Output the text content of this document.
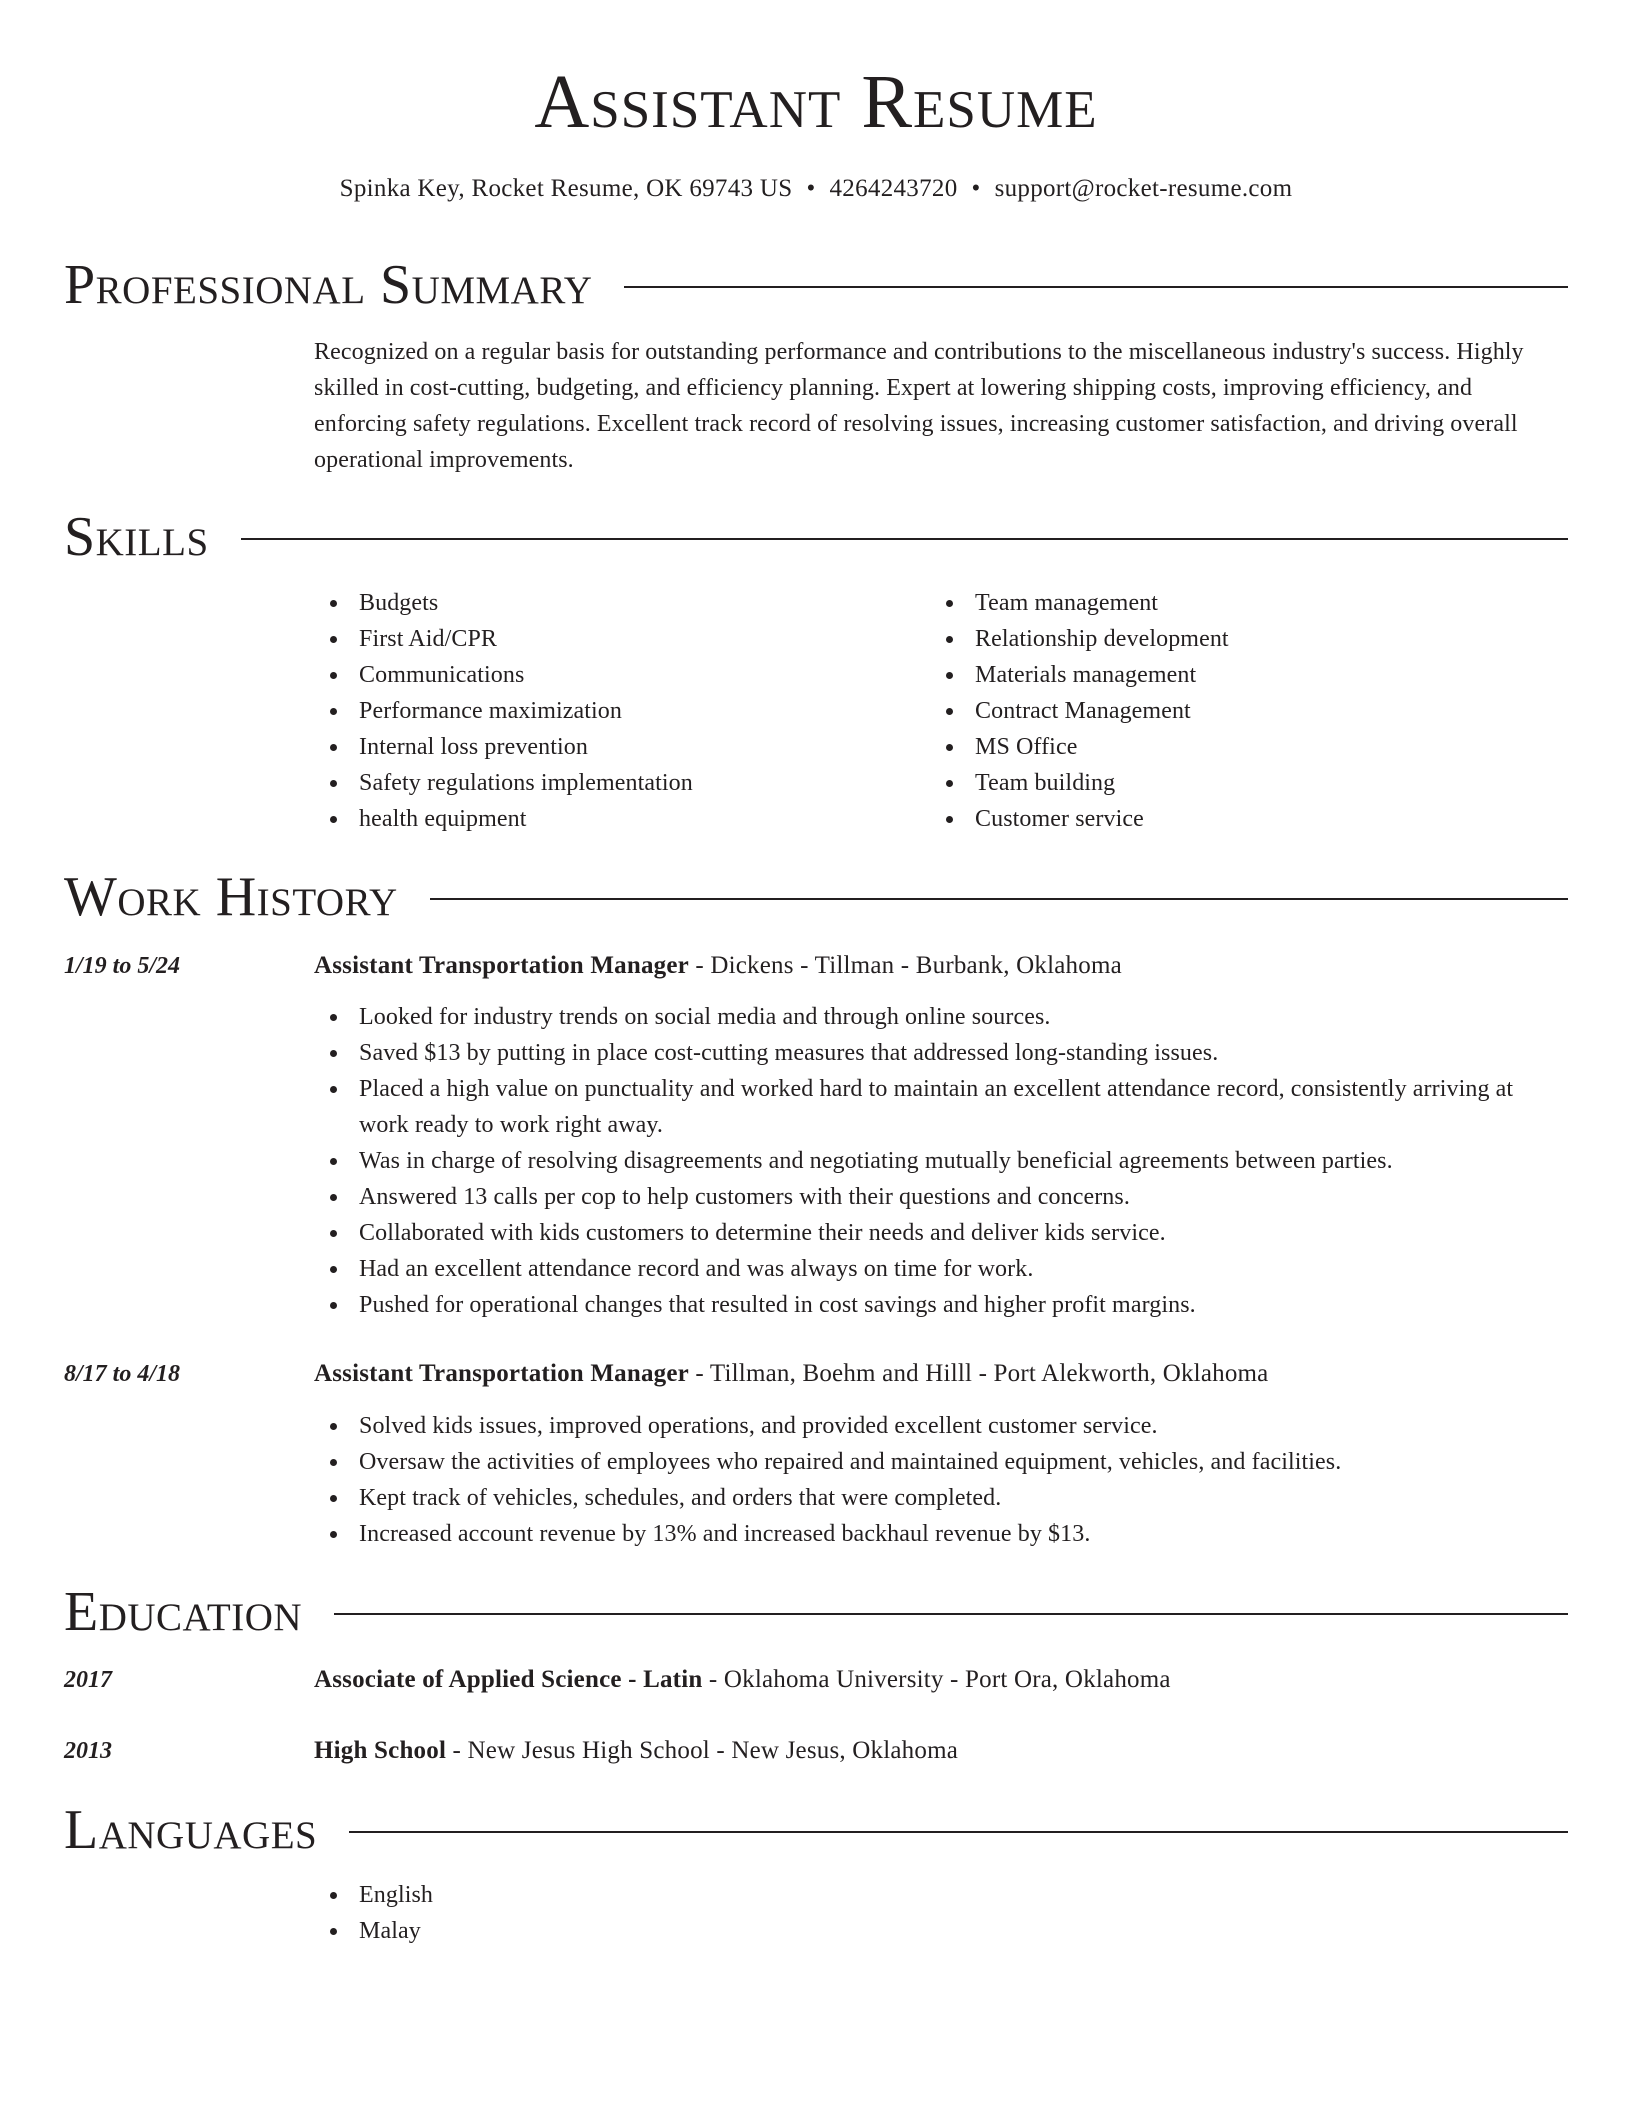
Assistant Resume
Spinka Key, Rocket Resume, OK 69743 US • 4264243720 • support@rocket-resume.com
Professional Summary

Recognized on a regular basis for outstanding performance and contributions to the miscellaneous industry's success. Highly skilled in cost-cutting, budgeting, and efficiency planning. Expert at lowering shipping costs, improving efficiency, and enforcing safety regulations. Excellent track record of resolving issues, increasing customer satisfaction, and driving overall operational improvements.

Skills
Budgets
First Aid/CPR
Communications
Performance maximization
Internal loss prevention
Safety regulations implementation
health equipment
Team management
Relationship development
Materials management
Contract Management
MS Office
Team building
Customer service
Work History
1/19 to 5/24	Assistant Transportation Manager - Dickens - Tillman - Burbank, Oklahoma
Looked for industry trends on social media and through online sources.
Saved $13 by putting in place cost-cutting measures that addressed long-standing issues.
Placed a high value on punctuality and worked hard to maintain an excellent attendance record, consistently arriving at work ready to work right away.
Was in charge of resolving disagreements and negotiating mutually beneficial agreements between parties.
Answered 13 calls per cop to help customers with their questions and concerns.
Collaborated with kids customers to determine their needs and deliver kids service.
Had an excellent attendance record and was always on time for work.
Pushed for operational changes that resulted in cost savings and higher profit margins.
8/17 to 4/18	Assistant Transportation Manager - Tillman, Boehm and Hilll - Port Alekworth, Oklahoma
Solved kids issues, improved operations, and provided excellent customer service.
Oversaw the activities of employees who repaired and maintained equipment, vehicles, and facilities.
Kept track of vehicles, schedules, and orders that were completed.
Increased account revenue by 13% and increased backhaul revenue by $13.
Education
2017	Associate of Applied Science - Latin - Oklahoma University - Port Ora, Oklahoma
2013	High School - New Jesus High School - New Jesus, Oklahoma
Languages
English
Malay
